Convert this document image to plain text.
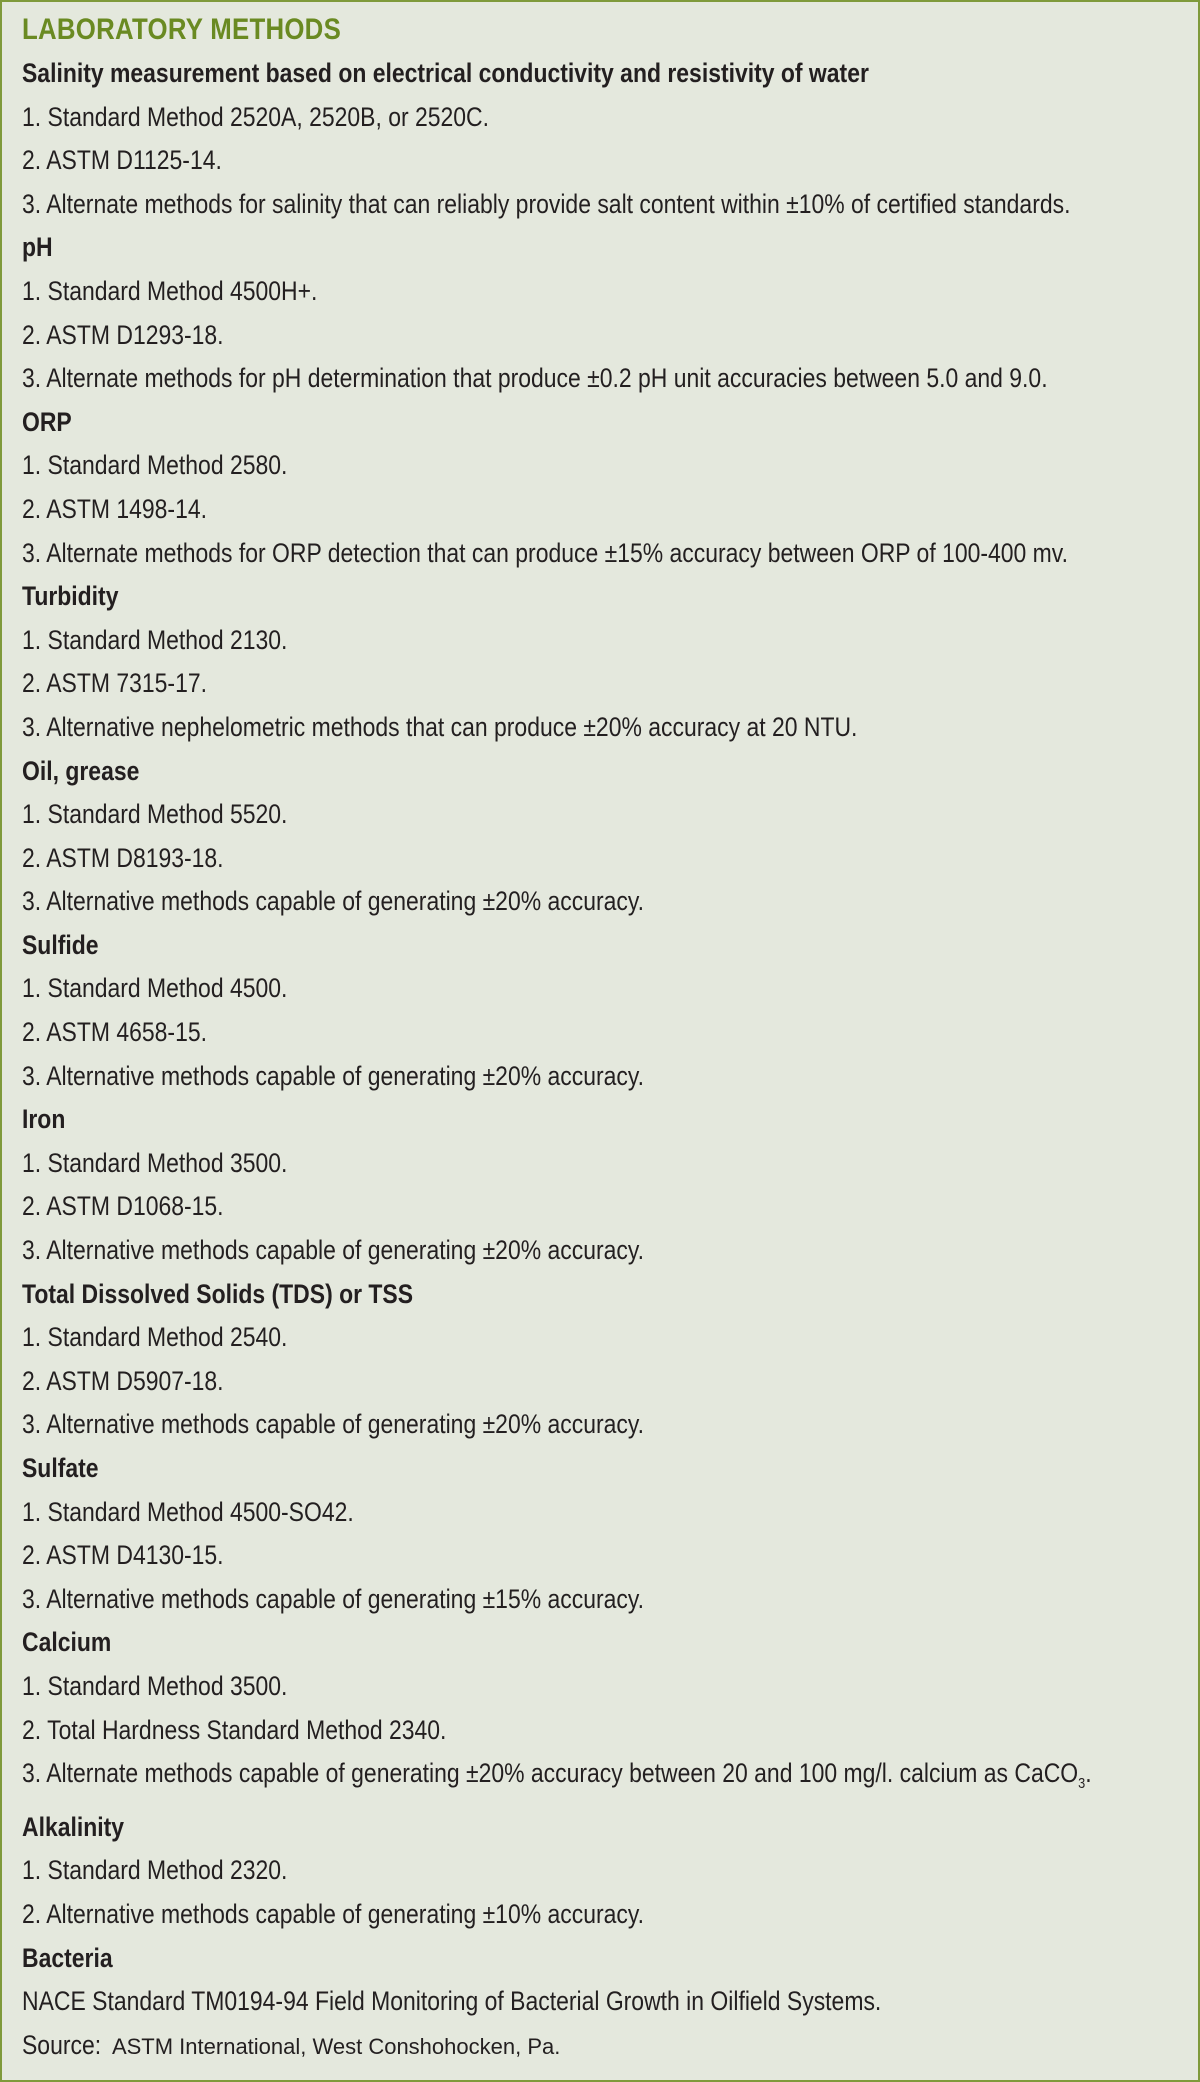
LABORATORY METHODS
Salinity measurement based on electrical conductivity and resistivity of water
1. Standard Method 2520A, 2520B, or 2520C.
2. ASTM D1125-14.
3. Alternate methods for salinity that can reliably provide salt content within ±10% of certified standards.
pH
1. Standard Method 4500H+.
2. ASTM D1293-18.
3. Alternate methods for pH determination that produce ±0.2 pH unit accuracies between 5.0 and 9.0.
ORP
1. Standard Method 2580.
2. ASTM 1498-14.
3. Alternate methods for ORP detection that can produce ±15% accuracy between ORP of 100-400 mv.
Turbidity
1. Standard Method 2130.
2. ASTM 7315-17.
3. Alternative nephelometric methods that can produce ±20% accuracy at 20 NTU.
Oil, grease
1. Standard Method 5520.
2. ASTM D8193-18.
3. Alternative methods capable of generating ±20% accuracy.
Sulfide
1. Standard Method 4500.
2. ASTM 4658-15.
3. Alternative methods capable of generating ±20% accuracy.
Iron
1. Standard Method 3500.
2. ASTM D1068-15.
3. Alternative methods capable of generating ±20% accuracy.
Total Dissolved Solids (TDS) or TSS
1. Standard Method 2540.
2. ASTM D5907-18.
3. Alternative methods capable of generating ±20% accuracy.
Sulfate
1. Standard Method 4500-SO42.
2. ASTM D4130-15.
3. Alternative methods capable of generating ±15% accuracy.
Calcium
1. Standard Method 3500.
2. Total Hardness Standard Method 2340.
3. Alternate methods capable of generating ±20% accuracy between 20 and 100 mg/l. calcium as CaCO$_3$.
Alkalinity
1. Standard Method 2320.
2. Alternative methods capable of generating ±10% accuracy.
Bacteria
NACE Standard TM0194-94 Field Monitoring of Bacterial Growth in Oilfield Systems.
Source: ASTM International, West Conshohocken, Pa.
